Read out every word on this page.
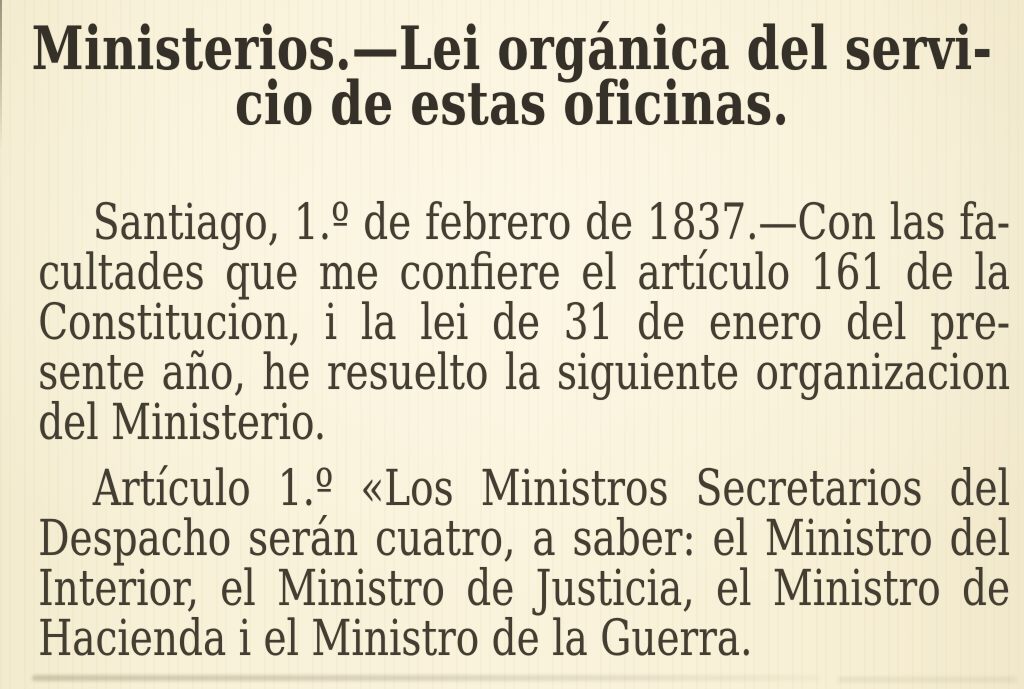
Ministerios.—Lei orgánica del servi-
cio de estas oficinas.
Santiago, 1.º de febrero de 1837.—Con las fa-
cultades que me confiere el artículo 161 de la
Constitucion, i la lei de 31 de enero del pre-
sente año, he resuelto la siguiente organizacion
del Ministerio.
Artículo 1.º «Los Ministros Secretarios del
Despacho serán cuatro, a saber: el Ministro del
Interior, el Ministro de Justicia, el Ministro de
Hacienda i el Ministro de la Guerra.
